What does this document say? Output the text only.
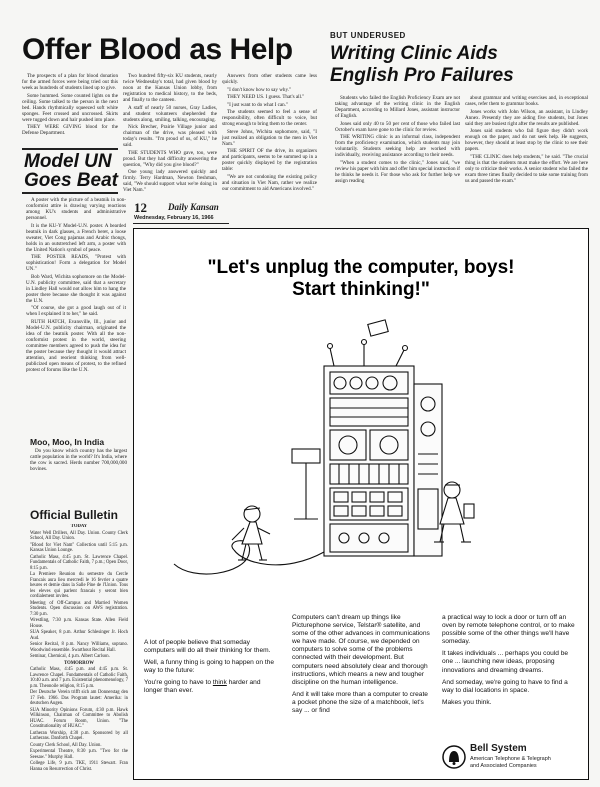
Offer Blood as Help

The prospects of a plan for blood donation for the armed forces were being tried out this week as hundreds of students lined up to give.

Some hummed. Some counted lights on the ceiling. Some talked to the person in the next bed. Hands rhythmically squeezed soft white sponges. Feet crossed and uncrossed. Skirts were tugged down and hair pushed into place.

THEY WERE GIVING blood for the Defense Department.

Two hundred fifty-six KU students, nearly twice Wednesday's total, had given blood by noon at the Kansas Union lobby, from registration to medical history, to the beds, and finally to the canteen.

A staff of nearly 50 nurses, Gray Ladies, and student volunteers shepherded the students along, smiling, talking, encouraging.

Nick Brecher, Prairie Village junior and chairman of the drive, was pleased with today's results. "I'm proud of us, of KU," he said.

THE STUDENTS WHO gave, too, were proud. But they had difficulty answering the question, "Why did you give blood?"

One young lady answered quickly and firmly. Terry Hardman, Newton freshman, said, "We should support what we're doing in Viet Nam."

Answers from other students came less quickly.

"I don't know how to say why."

THEY NEED US. I guess. That's all."

"I just want to do what I can."

The students seemed to feel a sense of responsibility, often difficult to voice, but strong enough to bring them to the center.

Steve Johns, Wichita sophomore, said, "I just realized an obligation to the men in Viet Nam."

THE SPIRIT OF the drive, its organizers and participants, seems to be summed up in a poster quickly displayed by the registration table:

"We are not condoning the existing policy and situation in Viet Nam, rather we realize our commitment to aid Americans involved."

Model UN
Goes Beat

A poster with the picture of a beatnik in non-conformist attire is drawing varying reactions among KU's students and administrative personnel.

It is the KU-Y Model-U.N. poster. A bearded beatnik in dark glasses, a French beret, a loose sweater, Viet Cong pajamas and Arabic thongs, holds in an outstretched left arm, a poster with the United Nation's symbol of peace.

THE POSTER READS, "Protest with sophistication! Form a delegation for Model UN."

Bob Ward, Wichita sophomore on the Model-U.N. publicity committee, said that a secretary in Lindley Hall would not allow him to hang the poster there because she thought it was against the U.N.

"Of course, she got a good laugh out of it when I explained it to her," he said.

RUTH HATCH, Evansville, Ill., junior and Model-U.N. publicity chairman, originated the idea of the beatnik poster. With all the non-conformist protest in the world, steering committee members agreed to push the idea for the poster because they thought it would attract attention, and reorient thinking from well-publicized open means of protest, to the refined protest of forums like the U.N.

Moo, Moo, In India

Do you know which country has the largest cattle population in the world? It's India, where the cow is sacred. Herds number 700,000,000 bovines.

Official Bulletin

TODAY

Water Well Drillers, All Day. Union. County Clerk School, All Day. Union.

"Blood for Viet Nam" Collection until 5:15 p.m. Kansas Union Lounge.

Catholic Mass, 4:45 p.m. St. Lawrence Chapel. Fundamentals of Catholic Faith, 7 p.m.; Open Door, 8:15 p.m.

La Premiere Reunion du semestre du Cercle Francais aura lieu mercredi le 16 fevrier a quatre heures et demie dans la Salle Pine de l'Union. Tous les eleves qui parlent francais y seront bien cordialement invites.

Meeting of Off-Campus and Married Women Students. Open discussion on AWS registration. 7:30 p.m.

Wrestling, 7:30 p.m. Kansas State. Allen Field House.

SUA Speaker, 8 p.m. Arthur Schlesinger Jr. Hoch Aud.

Senior Recital, 8 p.m. Nancy Williams, soprano. Woodwind ensemble. Swarthout Recital Hall.

Seminar, Chemical, 4 p.m. Albert Carlson.

TOMORROW

Catholic Mass, 4:45 p.m. and 4:45 p.m. St. Lawrence Chapel. Fundamentals of Catholic Faith, 10:40 a.m. and 7 p.m. Existential phenomenology, 7 p.m. Theonoile religion, 8:15 p.m.

Der Deutsche Verein trifft sich am Donnerstag den 17 Feb. 1966. Das Program lautet: Amerika: in deutschen Augen.

SUA Minority Opinions Forum, 4:30 p.m. Hawk Wilkinson, Chairman of Committee to Abolish HUAC. Forum Room, Union. "The Constitutionality of HUAC."

Lutheran Worship, 4:30 p.m. Sponsored by all Lutherans. Danforth Chapel.

County Clerk School, All Day. Union.

Experimental Theatre, 8:30 p.m. "Two for the Seesaw." Murphy Hall.

College Life, 9 p.m. TKE, 1911 Stewart. Fran Hanna on Resurrection of Christ.

BUT UNDERUSED
Writing Clinic Aids
English Pro Failures

Students who failed the English Proficiency Exam are not taking advantage of the writing clinic in the English Department, according to Millard Jones, assistant instructor of English.

Jones said only 40 to 50 per cent of those who failed last October's exam have gone to the clinic for review.

THE WRITING clinic is an informal class, independent from the proficiency examination, which students may join voluntarily. Students seeking help are worked with individually, receiving assistance according to their needs.

"When a student comes to the clinic," Jones said, "we review his paper with him and offer him special instruction if he thinks he needs it. For those who ask for further help we assign reading

about grammar and writing exercises and, in exceptional cases, refer them to grammar books.

Jones works with John Wilson, an assistant, in Lindley Annex. Presently they are aiding five students, but Jones said they are busiest right after the results are published.

Jones said students who fail figure they didn't work enough on the paper, and do not seek help. He suggests, however, they should at least stop by the clinic to see their papers.

"THE CLINIC does help students," he said. "The crucial thing is that the students must make the effort. We are here only to criticize their works. A senior student who failed the exam three times finally decided to take some training from us and passed the exam."

12 Daily Kansan
Wednesday, February 16, 1966
"Let's unplug the computer, boys!
Start thinking!"

A lot of people believe that someday computers will do all their thinking for them.

Well, a funny thing is going to happen on the way to the future:

You're going to have to think harder and longer than ever.

Computers can't dream up things like Picturephone service, Telstar® satellite, and some of the other advances in communications we have made. Of course, we depended on computers to solve some of the problems connected with their development. But computers need absolutely clear and thorough instructions, which means a new and tougher discipline on the human intelligence.

And it will take more than a computer to create a pocket phone the size of a matchbook, let's say ... or find

a practical way to lock a door or turn off an oven by remote telephone control, or to make possible some of the other things we'll have someday.

It takes individuals ... perhaps you could be one ... launching new ideas, proposing innovations and dreaming dreams.

And someday, we're going to have to find a way to dial locations in space.

Makes you think.

Bell System
American Telephone & Telegraph
and Associated Companies
